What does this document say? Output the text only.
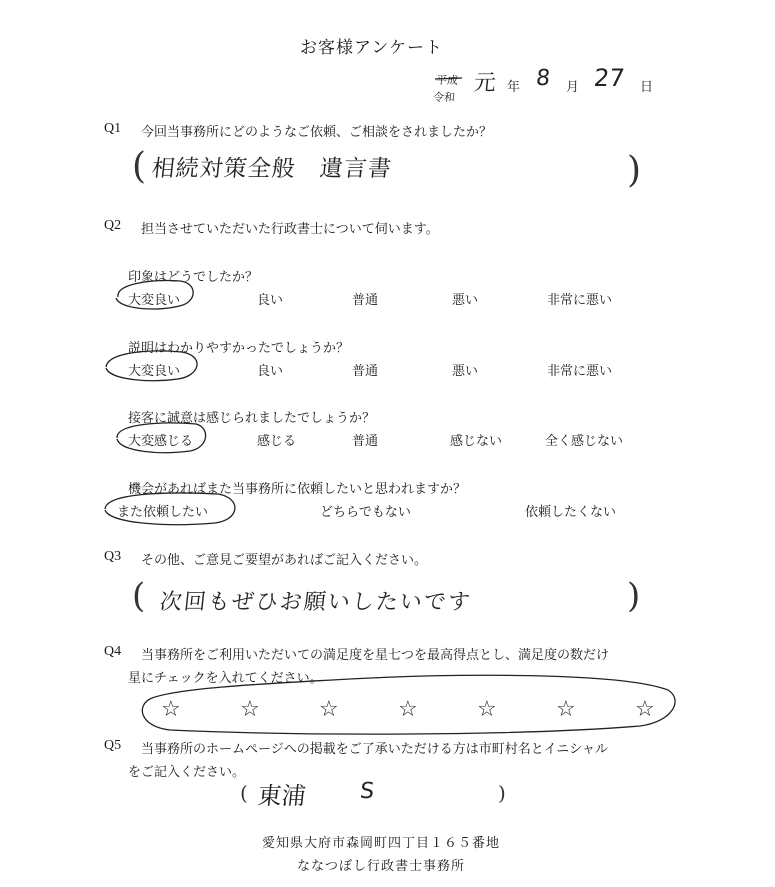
お客様アンケート
平成
令和
元 年 8 月 27 日
Q1 今回当事務所にどのようなご依頼、ご相談をされましたか？
( 相続対策全般　遺言書	)
Q2 担当させていただいた行政書士について伺います。
印象はどうでしたか？
大変良い	良い	普通	悪い	非常に悪い
説明はわかりやすかったでしょうか？
大変良い	良い	普通	悪い	非常に悪い
接客に誠意は感じられましたでしょうか？
大変感じる	感じる	普通	感じない	全く感じない
機会があればまた当事務所に依頼したいと思われますか？
また依頼したい	どちらでもない	依頼したくない
Q3 その他、ご意見ご要望があればご記入ください。
( 次回もぜひお願いしたいです	)
Q4 当事務所をご利用いただいての満足度を星七つを最高得点とし、満足度の数だけ
星にチェックを入れてください。
☆	☆	☆	☆	☆	☆	☆
Q5 当事務所のホームページへの掲載をご了承いただける方は市町村名とイニシャル
をご記入ください。
( 東浦 S	)
愛知県大府市森岡町四丁目１６５番地
ななつぼし行政書士事務所
